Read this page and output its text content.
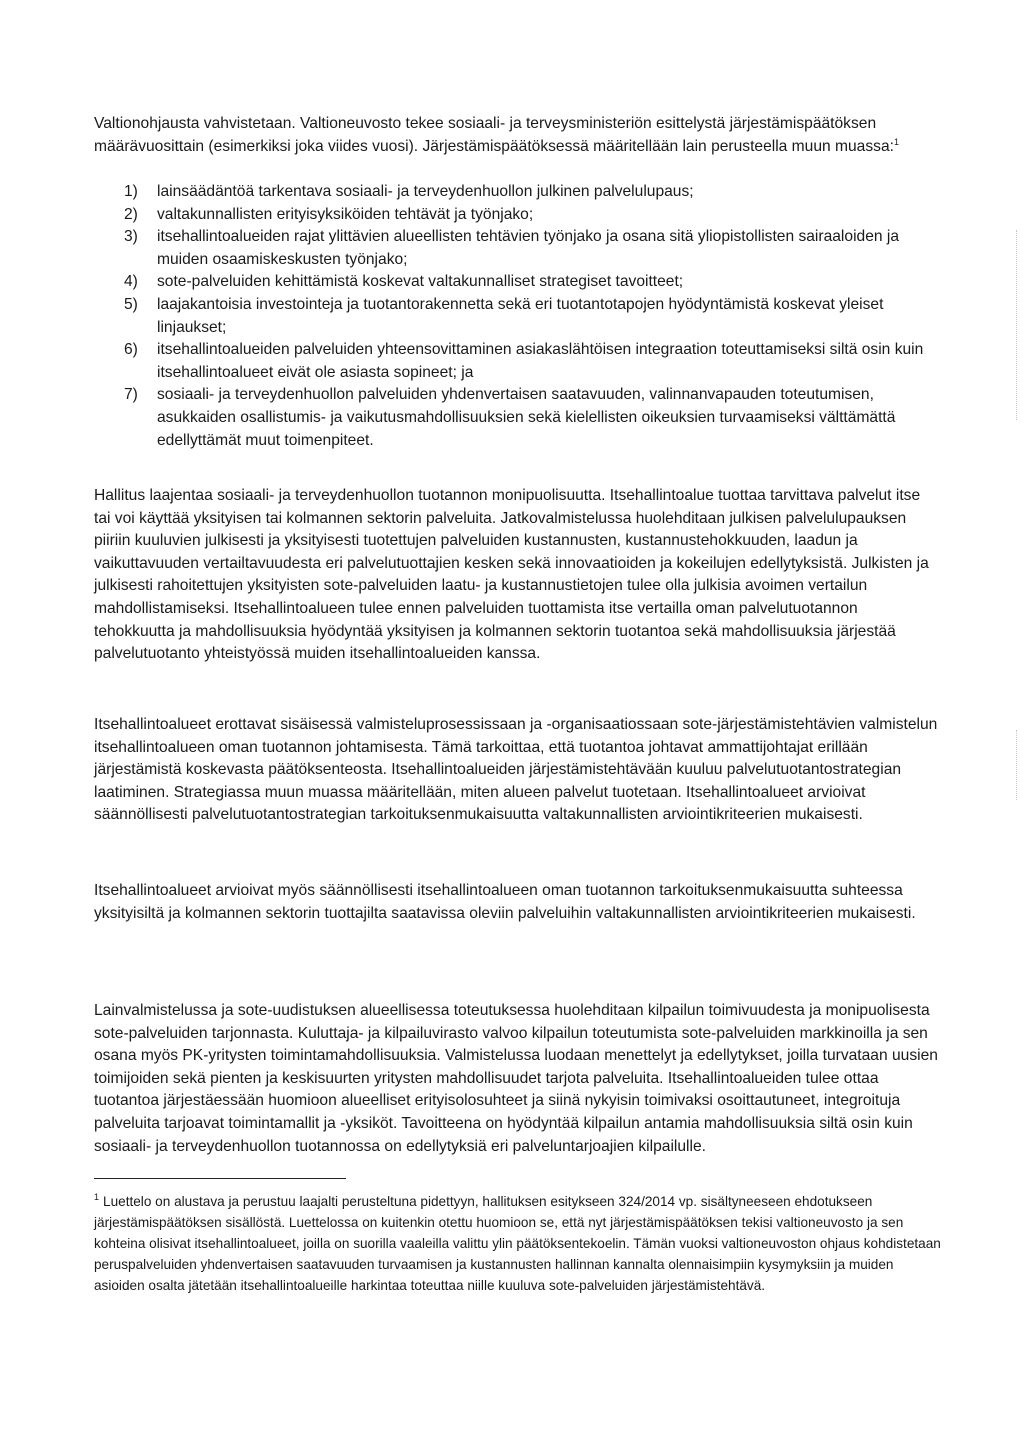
Valtionohjausta vahvistetaan. Valtioneuvosto tekee sosiaali- ja terveysministeriön esittelystä järjestämispäätöksen määrävuosittain (esimerkiksi joka viides vuosi). Järjestämispäätöksessä määritellään lain perusteella muun muassa:$^1$

1) lainsäädäntöä tarkentava sosiaali- ja terveydenhuollon julkinen palvelulupaus;
2) valtakunnallisten erityisyksiköiden tehtävät ja työnjako;
3) itsehallintoalueiden rajat ylittävien alueellisten tehtävien työnjako ja osana sitä yliopistollisten sairaaloiden ja muiden osaamiskeskusten työnjako;
4) sote-palveluiden kehittämistä koskevat valtakunnalliset strategiset tavoitteet;
5) laajakantoisia investointeja ja tuotantorakennetta sekä eri tuotantotapojen hyödyntämistä koskevat yleiset linjaukset;
6) itsehallintoalueiden palveluiden yhteensovittaminen asiakaslähtöisen integraation toteuttamiseksi siltä osin kuin itsehallintoalueet eivät ole asiasta sopineet; ja
7) sosiaali- ja terveydenhuollon palveluiden yhdenvertaisen saatavuuden, valinnanvapauden toteutumisen, asukkaiden osallistumis- ja vaikutusmahdollisuuksien sekä kielellisten oikeuksien turvaamiseksi välttämättä edellyttämät muut toimenpiteet.

Hallitus laajentaa sosiaali- ja terveydenhuollon tuotannon monipuolisuutta. Itsehallintoalue tuottaa tarvittava palvelut itse tai voi käyttää yksityisen tai kolmannen sektorin palveluita. Jatkovalmistelussa huolehditaan julkisen palvelulupauksen piiriin kuuluvien julkisesti ja yksityisesti tuotettujen palveluiden kustannusten, kustannustehokkuuden, laadun ja vaikuttavuuden vertailtavuudesta eri palvelutuottajien kesken sekä innovaatioiden ja kokeilujen edellytyksistä. Julkisten ja julkisesti rahoitettujen yksityisten sote-palveluiden laatu- ja kustannustietojen tulee olla julkisia avoimen vertailun mahdollistamiseksi. Itsehallintoalueen tulee ennen palveluiden tuottamista itse vertailla oman palvelutuotannon tehokkuutta ja mahdollisuuksia hyödyntää yksityisen ja kolmannen sektorin tuotantoa sekä mahdollisuuksia järjestää palvelutuotanto yhteistyössä muiden itsehallintoalueiden kanssa.

Itsehallintoalueet erottavat sisäisessä valmisteluprosessissaan ja -organisaatiossaan sote-järjestämistehtävien valmistelun itsehallintoalueen oman tuotannon johtamisesta. Tämä tarkoittaa, että tuotantoa johtavat ammattijohtajat erillään järjestämistä koskevasta päätöksenteosta. Itsehallintoalueiden järjestämistehtävään kuuluu palvelutuotantostrategian laatiminen. Strategiassa muun muassa määritellään, miten alueen palvelut tuotetaan. Itsehallintoalueet arvioivat säännöllisesti palvelutuotantostrategian tarkoituksenmukaisuutta valtakunnallisten arviointikriteerien mukaisesti.

Itsehallintoalueet arvioivat myös säännöllisesti itsehallintoalueen oman tuotannon tarkoituksenmukaisuutta suhteessa yksityisiltä ja kolmannen sektorin tuottajilta saatavissa oleviin palveluihin valtakunnallisten arviointikriteerien mukaisesti.

Lainvalmistelussa ja sote-uudistuksen alueellisessa toteutuksessa huolehditaan kilpailun toimivuudesta ja monipuolisesta sote-palveluiden tarjonnasta. Kuluttaja- ja kilpailuvirasto valvoo kilpailun toteutumista sote-palveluiden markkinoilla ja sen osana myös PK-yritysten toimintamahdollisuuksia. Valmistelussa luodaan menettelyt ja edellytykset, joilla turvataan uusien toimijoiden sekä pienten ja keskisuurten yritysten mahdollisuudet tarjota palveluita. Itsehallintoalueiden tulee ottaa tuotantoa järjestäessään huomioon alueelliset erityisolosuhteet ja siinä nykyisin toimivaksi osoittautuneet, integroituja palveluita tarjoavat toimintamallit ja -yksiköt. Tavoitteena on hyödyntää kilpailun antamia mahdollisuuksia siltä osin kuin sosiaali- ja terveydenhuollon tuotannossa on edellytyksiä eri palveluntarjoajien kilpailulle.

$^1$ Luettelo on alustava ja perustuu laajalti perusteltuna pidettyyn, hallituksen esitykseen 324/2014 vp. sisältyneeseen ehdotukseen järjestämispäätöksen sisällöstä. Luettelossa on kuitenkin otettu huomioon se, että nyt järjestämispäätöksen tekisi valtioneuvosto ja sen kohteina olisivat itsehallintoalueet, joilla on suorilla vaaleilla valittu ylin päätöksentekoelin. Tämän vuoksi valtioneuvoston ohjaus kohdistetaan peruspalveluiden yhdenvertaisen saatavuuden turvaamisen ja kustannusten hallinnan kannalta olennaisimpiin kysymyksiin ja muiden asioiden osalta jätetään itsehallintoalueille harkintaa toteuttaa niille kuuluva sote-palveluiden järjestämistehtävä.
